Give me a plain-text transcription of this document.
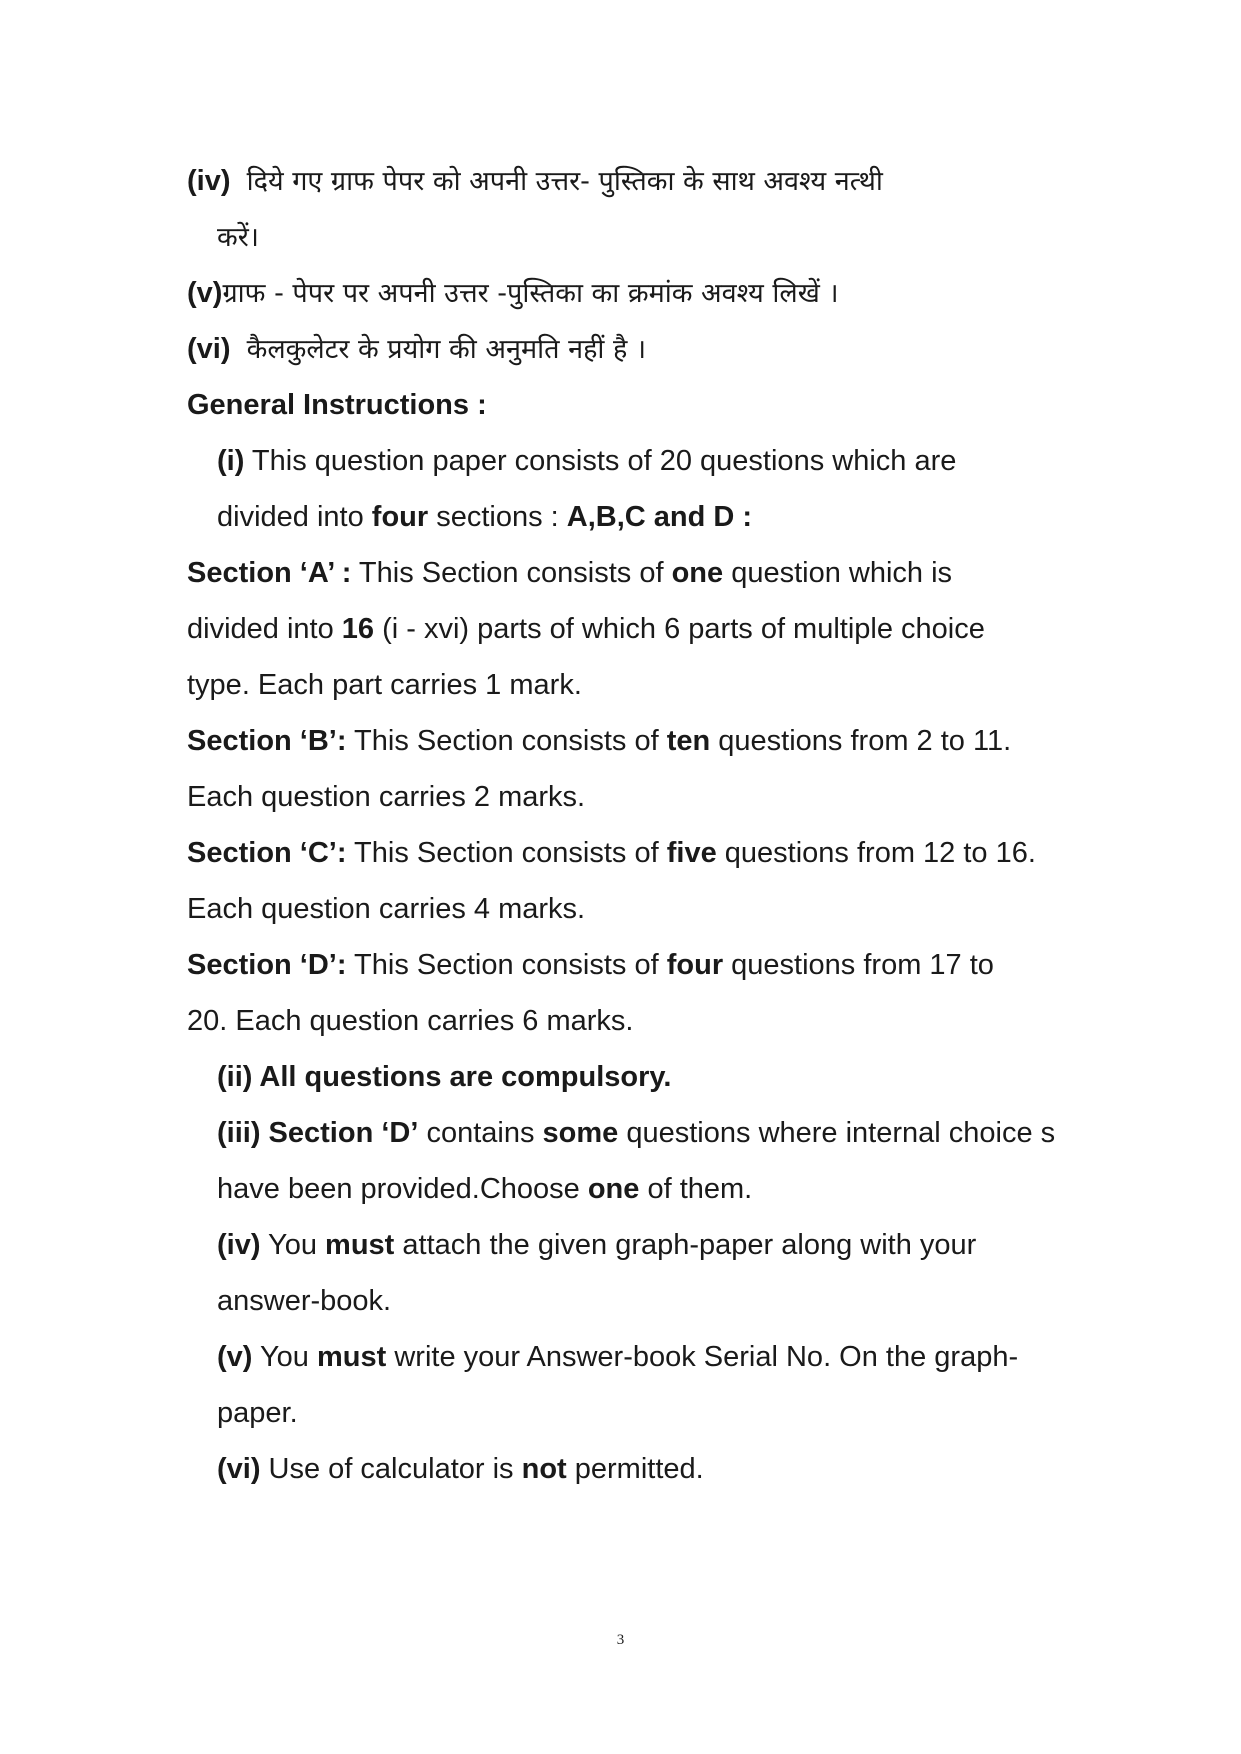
(iv) दिये गए ग्राफ पेपर को अपनी उत्तर- पुस्तिका के साथ अवश्य नत्थी
करें।
(v)ग्राफ - पेपर पर अपनी उत्तर -पुस्तिका का क्रमांक अवश्य लिखें ।
(vi) कैलकुलेटर के प्रयोग की अनुमति नहीं है ।
General Instructions :
(i) This question paper consists of 20 questions which are
divided into four sections : A,B,C and D :
Section ‘A’ : This Section consists of one question which is
divided into 16 (i - xvi) parts of which 6 parts of multiple choice
type. Each part carries 1 mark.
Section ‘B’: This Section consists of ten questions from 2 to 11.
Each question carries 2 marks.
Section ‘C’: This Section consists of five questions from 12 to 16.
Each question carries 4 marks.
Section ‘D’: This Section consists of four questions from 17 to
20. Each question carries 6 marks.
(ii) All questions are compulsory.
(iii) Section ‘D’ contains some questions where internal choice s
have been provided.Choose one of them.
(iv) You must attach the given graph-paper along with your
answer-book.
(v) You must write your Answer-book Serial No. On the graph-
paper.
(vi) Use of calculator is not permitted.
3
